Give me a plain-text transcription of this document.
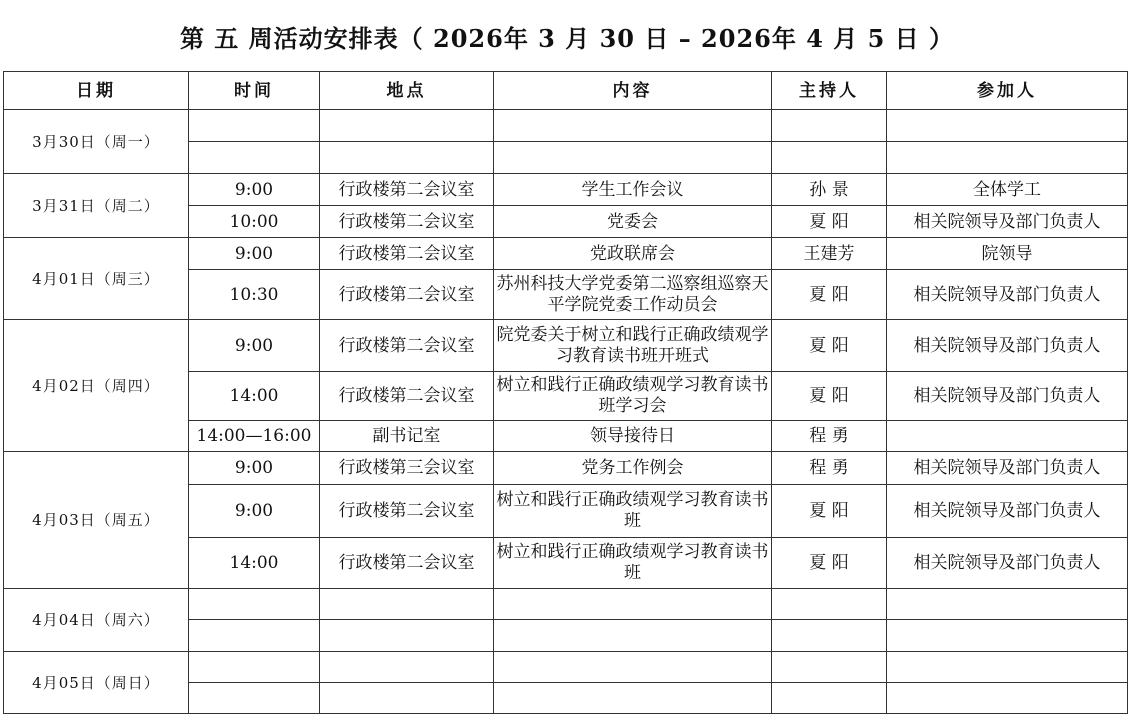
第 五 周活动安排表（ 2026年 3 月 30 日 – 2026年 4 月 5 日 ）
日期	时间	地点	内容	主持人	参加人
3月30日（周一）					

3月31日（周二）	9:00	行政楼第二会议室	学生工作会议	孙 景	全体学工
	10:00	行政楼第二会议室	党委会	夏 阳	相关院领导及部门负责人
4月01日（周三）	9:00	行政楼第二会议室	党政联席会	王建芳	院领导
	10:30	行政楼第二会议室	苏州科技大学党委第二巡察组巡察天平学院党委工作动员会	夏 阳	相关院领导及部门负责人
4月02日（周四）	9:00	行政楼第二会议室	院党委关于树立和践行正确政绩观学习教育读书班开班式	夏 阳	相关院领导及部门负责人
	14:00	行政楼第二会议室	树立和践行正确政绩观学习教育读书班学习会	夏 阳	相关院领导及部门负责人
	14:00—16:00	副书记室	领导接待日	程 勇	
4月03日（周五）	9:00	行政楼第三会议室	党务工作例会	程 勇	相关院领导及部门负责人
	9:00	行政楼第二会议室	树立和践行正确政绩观学习教育读书班	夏 阳	相关院领导及部门负责人
	14:00	行政楼第二会议室	树立和践行正确政绩观学习教育读书班	夏 阳	相关院领导及部门负责人
4月04日（周六）					

4月05日（周日）					
